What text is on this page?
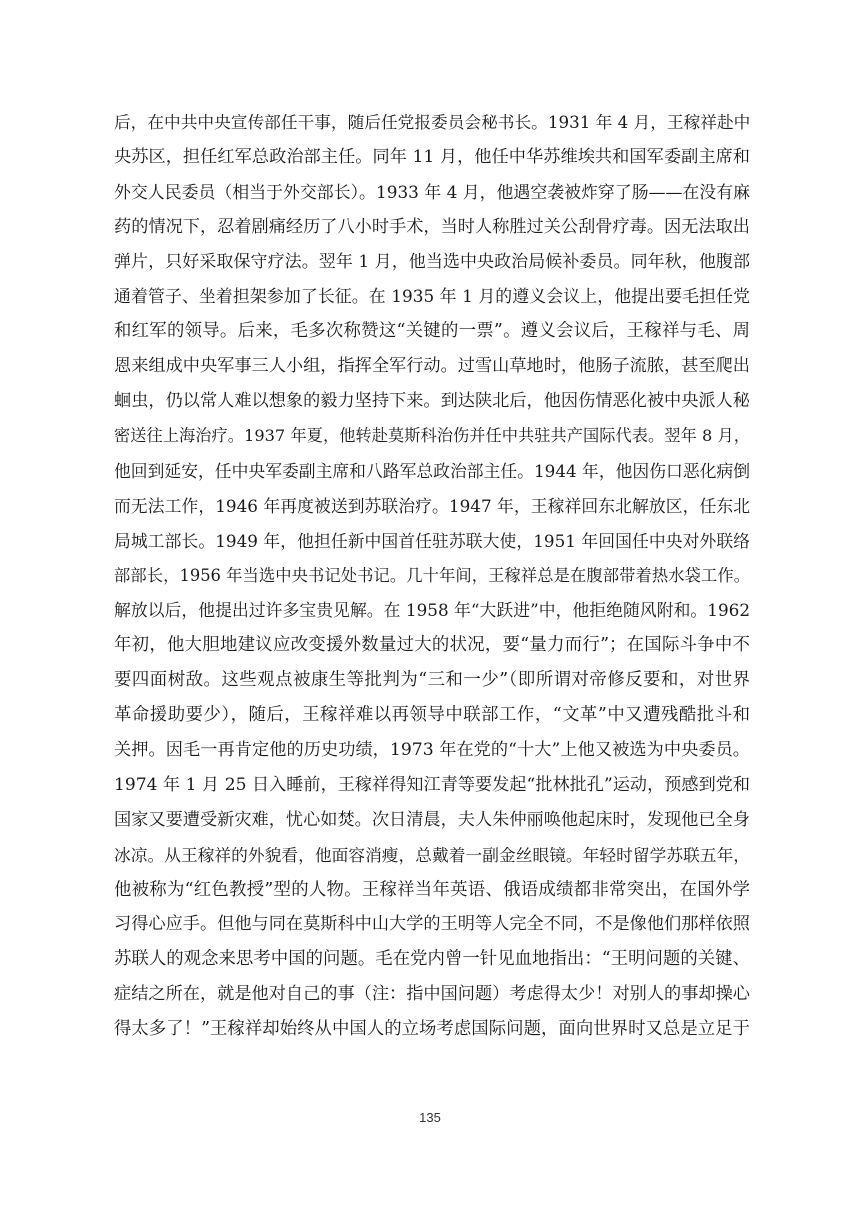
后，在中共中央宣传部任干事，随后任党报委员会秘书长。1931 年 4 月，王稼祥赴中
央苏区，担任红军总政治部主任。同年 11 月，他任中华苏维埃共和国军委副主席和
外交人民委员（相当于外交部长）。1933 年 4 月，他遇空袭被炸穿了肠——在没有麻
药的情况下，忍着剧痛经历了八小时手术，当时人称胜过关公刮骨疗毒。因无法取出
弹片，只好采取保守疗法。翌年 1 月，他当选中央政治局候补委员。同年秋，他腹部
通着管子、坐着担架参加了长征。在 1935 年 1 月的遵义会议上，他提出要毛担任党
和红军的领导。后来，毛多次称赞这“关键的一票”。遵义会议后，王稼祥与毛、周
恩来组成中央军事三人小组，指挥全军行动。过雪山草地时，他肠子流脓，甚至爬出
蛔虫，仍以常人难以想象的毅力坚持下来。到达陕北后，他因伤情恶化被中央派人秘
密送往上海治疗。1937 年夏，他转赴莫斯科治伤并任中共驻共产国际代表。翌年 8 月，
他回到延安，任中央军委副主席和八路军总政治部主任。1944 年，他因伤口恶化病倒
而无法工作，1946 年再度被送到苏联治疗。1947 年，王稼祥回东北解放区，任东北
局城工部长。1949 年，他担任新中国首任驻苏联大使，1951 年回国任中央对外联络
部部长，1956 年当选中央书记处书记。几十年间，王稼祥总是在腹部带着热水袋工作。
解放以后，他提出过许多宝贵见解。在 1958 年“大跃进”中，他拒绝随风附和。1962
年初，他大胆地建议应改变援外数量过大的状况，要“量力而行”；在国际斗争中不
要四面树敌。这些观点被康生等批判为“三和一少”（即所谓对帝修反要和，对世界
革命援助要少），随后，王稼祥难以再领导中联部工作，“文革”中又遭残酷批斗和
关押。因毛一再肯定他的历史功绩，1973 年在党的“十大”上他又被选为中央委员。
1974 年 1 月 25 日入睡前，王稼祥得知江青等要发起“批林批孔”运动，预感到党和
国家又要遭受新灾难，忧心如焚。次日清晨，夫人朱仲丽唤他起床时，发现他已全身
冰凉。从王稼祥的外貌看，他面容消瘦，总戴着一副金丝眼镜。年轻时留学苏联五年，
他被称为“红色教授”型的人物。王稼祥当年英语、俄语成绩都非常突出，在国外学
习得心应手。但他与同在莫斯科中山大学的王明等人完全不同，不是像他们那样依照
苏联人的观念来思考中国的问题。毛在党内曾一针见血地指出：“王明问题的关键、
症结之所在，就是他对自己的事（注：指中国问题）考虑得太少！对别人的事却操心
得太多了！”王稼祥却始终从中国人的立场考虑国际问题，面向世界时又总是立足于
135
